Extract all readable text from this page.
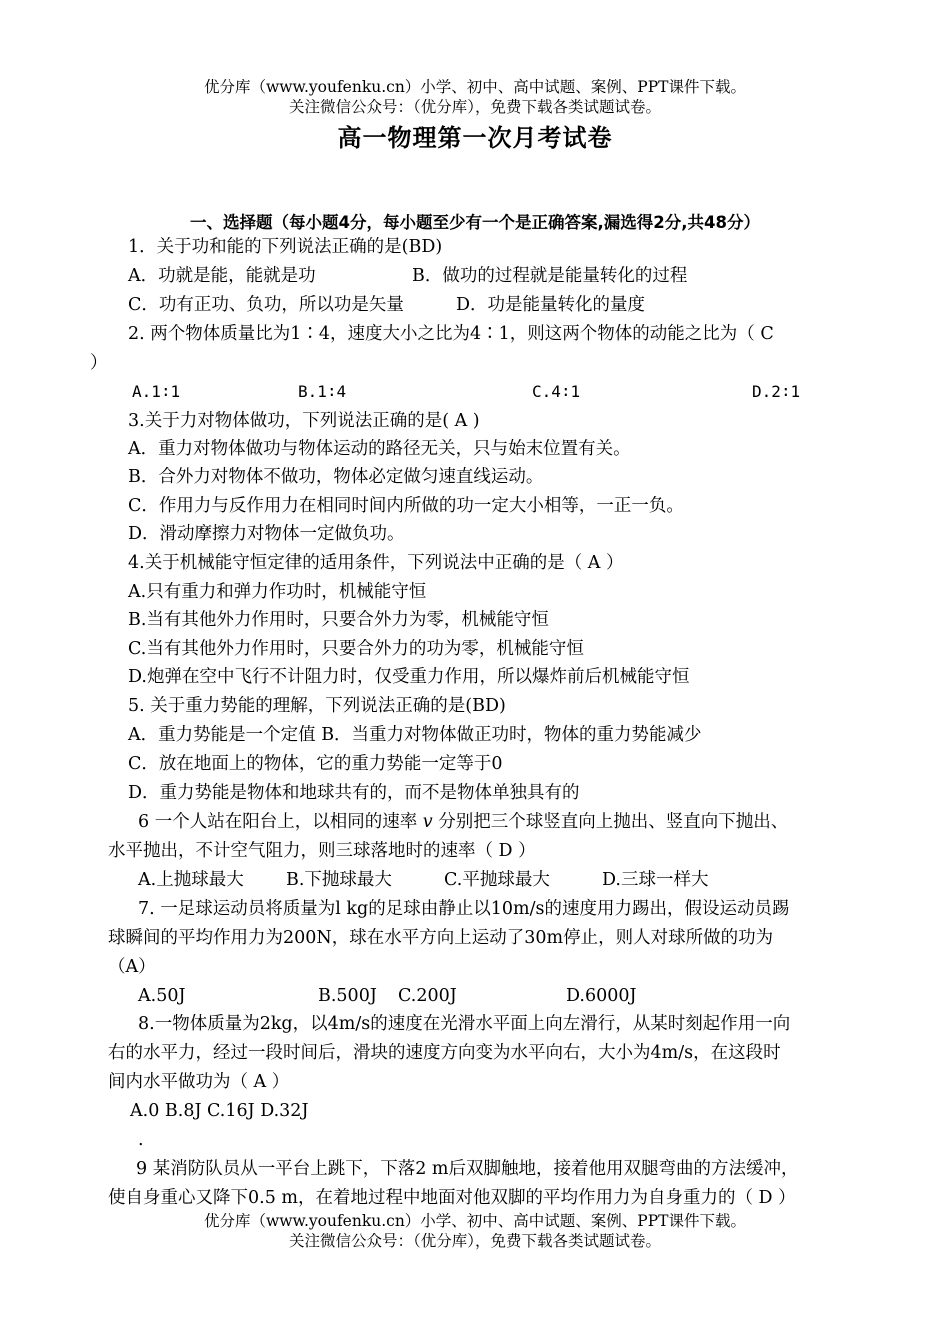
优分库（www.youfenku.cn）小学、初中、高中试题、案例、PPT课件下载。
关注微信公众号：（优分库），免费下载各类试题试卷。
高一物理第一次月考试卷
一、选择题（每小题4分，每小题至少有一个是正确答案,漏选得2分,共48分）
1．关于功和能的下列说法正确的是(BD)
A．功就是能，能就是功	B．做功的过程就是能量转化的过程
C．功有正功、负功，所以功是矢量	D．功是能量转化的量度
2. 两个物体质量比为1∶4，速度大小之比为4∶1，则这两个物体的动能之比为（ C
）
A.1∶1	B.1∶4	C.4∶1	D.2∶1
3.关于力对物体做功，下列说法正确的是( A )
A．重力对物体做功与物体运动的路径无关，只与始末位置有关。
B．合外力对物体不做功，物体必定做匀速直线运动。
C．作用力与反作用力在相同时间内所做的功一定大小相等，一正一负。
D．滑动摩擦力对物体一定做负功。
4.关于机械能守恒定律的适用条件，下列说法中正确的是（ A ）
A.只有重力和弹力作功时，机械能守恒
B.当有其他外力作用时，只要合外力为零，机械能守恒
C.当有其他外力作用时，只要合外力的功为零，机械能守恒
D.炮弹在空中飞行不计阻力时，仅受重力作用，所以爆炸前后机械能守恒
5. 关于重力势能的理解，下列说法正确的是(BD)
A．重力势能是一个定值 B．当重力对物体做正功时，物体的重力势能减少
C．放在地面上的物体，它的重力势能一定等于0
D．重力势能是物体和地球共有的，而不是物体单独具有的
6 一个人站在阳台上，以相同的速率 v 分别把三个球竖直向上抛出、竖直向下抛出、
水平抛出，不计空气阻力，则三球落地时的速率（ D ）
A.上抛球最大 B.下抛球最大	C.平抛球最大	D.三球一样大
7. 一足球运动员将质量为l kg的足球由静止以10m/s的速度用力踢出，假设运动员踢
球瞬间的平均作用力为200N，球在水平方向上运动了30m停止，则人对球所做的功为
（A）
A.50J	B.500J C.200J	D.6000J
8.一物体质量为2kg，以4m/s的速度在光滑水平面上向左滑行，从某时刻起作用一向
右的水平力，经过一段时间后，滑块的速度方向变为水平向右，大小为4m/s，在这段时
间内水平做功为（ A ）
A.0 B.8J C.16J D.32J
.
9 某消防队员从一平台上跳下，下落2 m后双脚触地，接着他用双腿弯曲的方法缓冲，
使自身重心又降下0.5 m，在着地过程中地面对他双脚的平均作用力为自身重力的（ D ）
优分库（www.youfenku.cn）小学、初中、高中试题、案例、PPT课件下载。
关注微信公众号：（优分库），免费下载各类试题试卷。
